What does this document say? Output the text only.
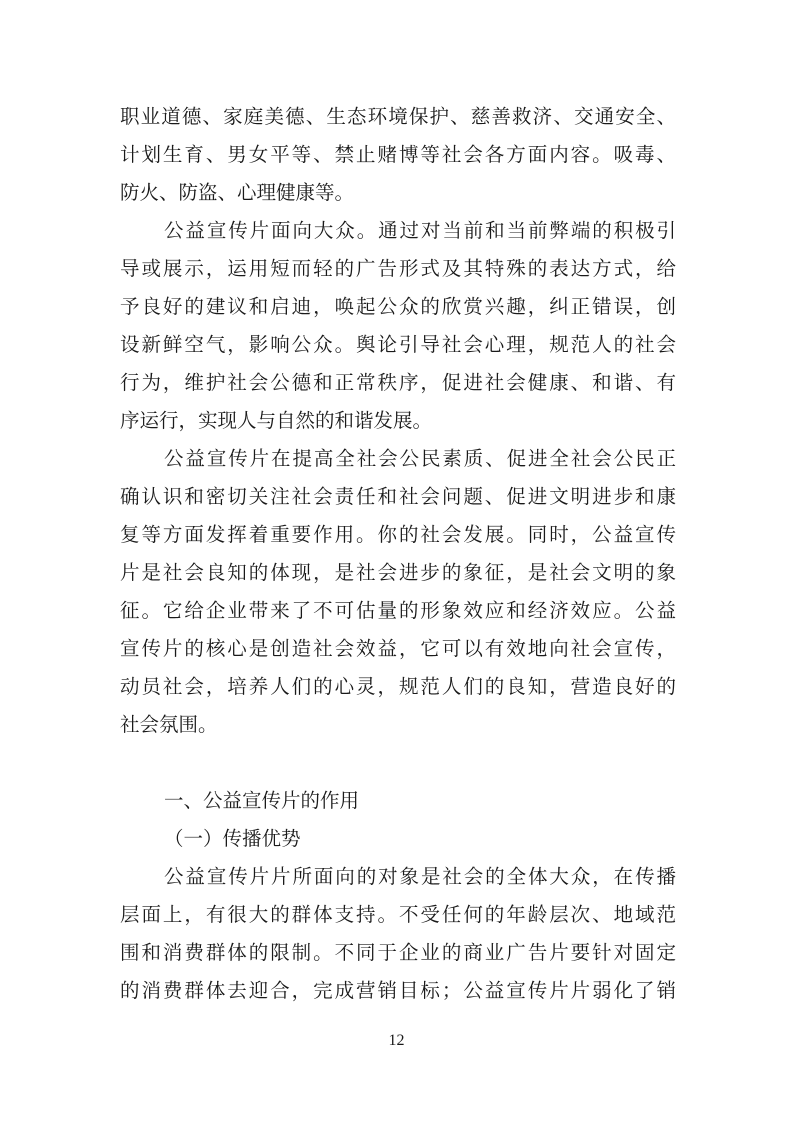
职业道德、家庭美德、生态环境保护、慈善救济、交通安全、
计划生育、男女平等、禁止赌博等社会各方面内容。吸毒、
防火、防盗、心理健康等。
公益宣传片面向大众。通过对当前和当前弊端的积极引
导或展示，运用短而轻的广告形式及其特殊的表达方式，给
予良好的建议和启迪，唤起公众的欣赏兴趣，纠正错误，创
设新鲜空气，影响公众。舆论引导社会心理，规范人的社会
行为，维护社会公德和正常秩序，促进社会健康、和谐、有
序运行，实现人与自然的和谐发展。
公益宣传片在提高全社会公民素质、促进全社会公民正
确认识和密切关注社会责任和社会问题、促进文明进步和康
复等方面发挥着重要作用。你的社会发展。同时，公益宣传
片是社会良知的体现，是社会进步的象征，是社会文明的象
征。它给企业带来了不可估量的形象效应和经济效应。公益
宣传片的核心是创造社会效益，它可以有效地向社会宣传，
动员社会，培养人们的心灵，规范人们的良知，营造良好的
社会氛围。
一、公益宣传片的作用
（一）传播优势
公益宣传片片所面向的对象是社会的全体大众，在传播
层面上，有很大的群体支持。不受任何的年龄层次、地域范
围和消费群体的限制。不同于企业的商业广告片要针对固定
的消费群体去迎合，完成营销目标；公益宣传片片弱化了销
12
